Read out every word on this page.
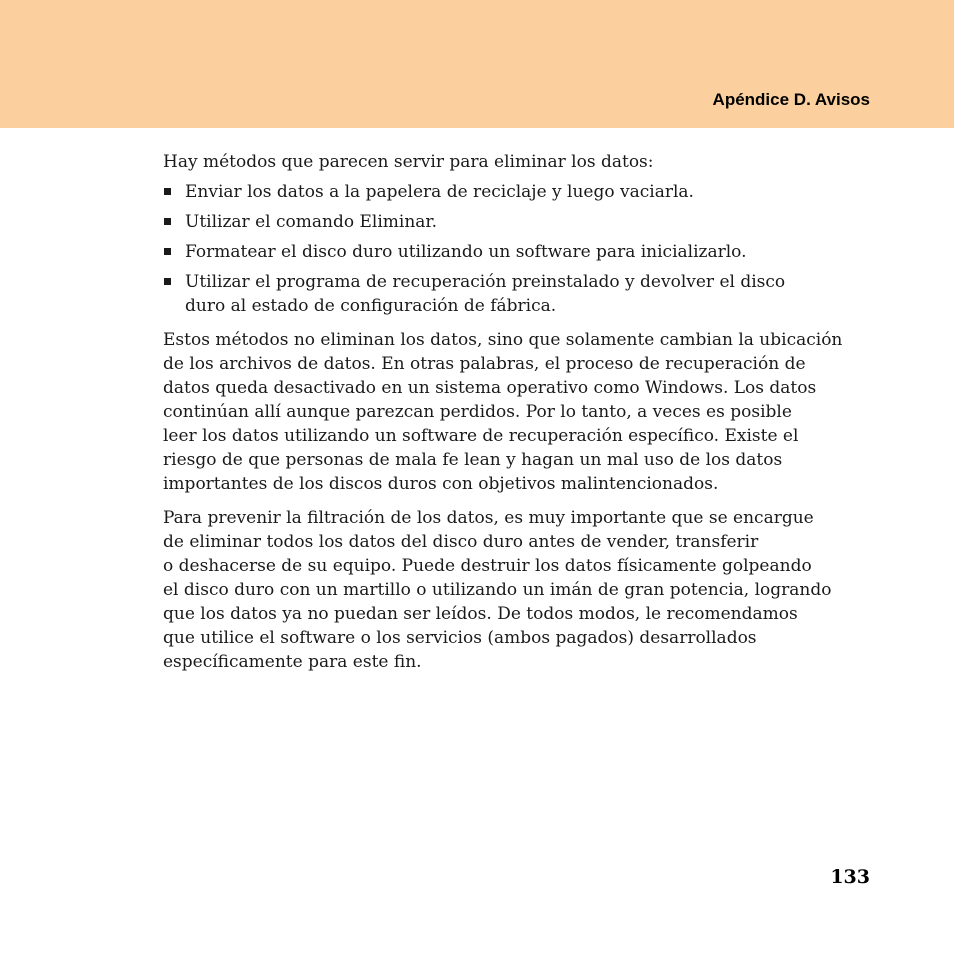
Apéndice D. Avisos
Hay métodos que parecen servir para eliminar los datos:
Enviar los datos a la papelera de reciclaje y luego vaciarla.
Utilizar el comando Eliminar.
Formatear el disco duro utilizando un software para inicializarlo.
Utilizar el programa de recuperación preinstalado y devolver el disco
duro al estado de configuración de fábrica.
Estos métodos no eliminan los datos, sino que solamente cambian la ubicación
de los archivos de datos. En otras palabras, el proceso de recuperación de
datos queda desactivado en un sistema operativo como Windows. Los datos
continúan allí aunque parezcan perdidos. Por lo tanto, a veces es posible
leer los datos utilizando un software de recuperación específico. Existe el
riesgo de que personas de mala fe lean y hagan un mal uso de los datos
importantes de los discos duros con objetivos malintencionados.
Para prevenir la filtración de los datos, es muy importante que se encargue
de eliminar todos los datos del disco duro antes de vender, transferir
o deshacerse de su equipo. Puede destruir los datos físicamente golpeando
el disco duro con un martillo o utilizando un imán de gran potencia, logrando
que los datos ya no puedan ser leídos. De todos modos, le recomendamos
que utilice el software o los servicios (ambos pagados) desarrollados
específicamente para este fin.
133
